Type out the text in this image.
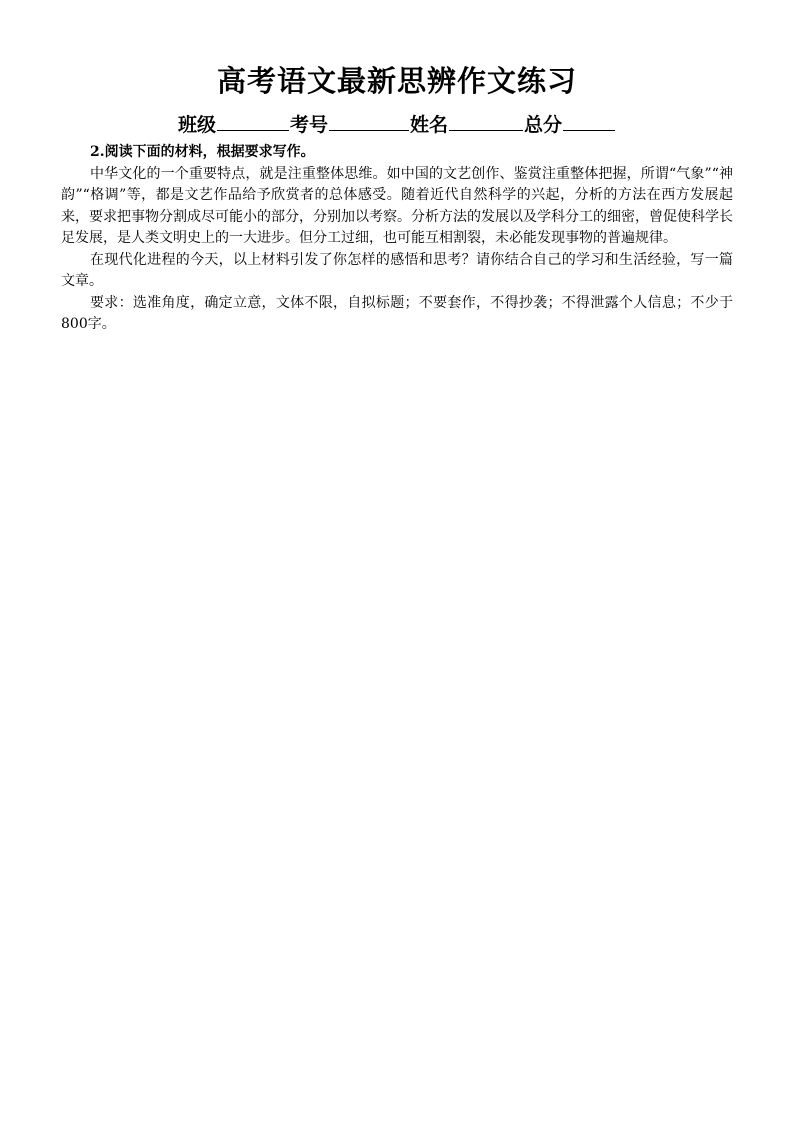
高考语文最新思辨作文练习
班级	考号	姓名	总分

2.阅读下面的材料，根据要求写作。

中华文化的一个重要特点，就是注重整体思维。如中国的文艺创作、鉴赏注重整体把握，所谓“气象”“神韵”“格调”等，都是文艺作品给予欣赏者的总体感受。随着近代自然科学的兴起，分析的方法在西方发展起来，要求把事物分割成尽可能小的部分，分别加以考察。分析方法的发展以及学科分工的细密，曾促使科学长足发展，是人类文明史上的一大进步。但分工过细，也可能互相割裂，未必能发现事物的普遍规律。

在现代化进程的今天，以上材料引发了你怎样的感悟和思考？请你结合自己的学习和生活经验，写一篇文章。

要求：选准角度，确定立意，文体不限，自拟标题；不要套作，不得抄袭；不得泄露个人信息；不少于 800字。
